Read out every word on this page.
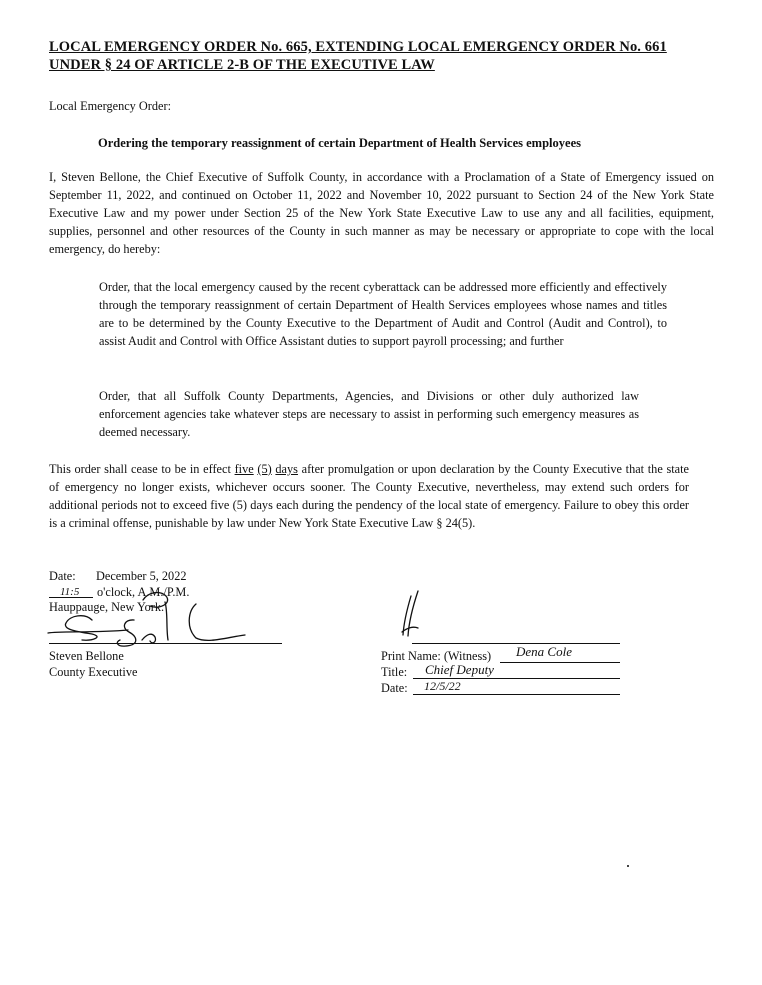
LOCAL EMERGENCY ORDER No. 665, EXTENDING LOCAL EMERGENCY ORDER No. 661
UNDER § 24 OF ARTICLE 2-B OF THE EXECUTIVE LAW
Local Emergency Order:
Ordering the temporary reassignment of certain Department of Health Services employees
I, Steven Bellone, the Chief Executive of Suffolk County, in accordance with a Proclamation of a State of Emergency issued on September 11, 2022, and continued on October 11, 2022 and November 10, 2022 pursuant to Section 24 of the New York State Executive Law and my power under Section 25 of the New York State Executive Law to use any and all facilities, equipment, supplies, personnel and other resources of the County in such manner as may be necessary or appropriate to cope with the local emergency, do hereby:
Order, that the local emergency caused by the recent cyberattack can be addressed more efficiently and effectively through the temporary reassignment of certain Department of Health Services employees whose names and titles are to be determined by the County Executive to the Department of Audit and Control (Audit and Control), to assist Audit and Control with Office Assistant duties to support payroll processing; and further
Order, that all Suffolk County Departments, Agencies, and Divisions or other duly authorized law enforcement agencies take whatever steps are necessary to assist in performing such emergency measures as deemed necessary.
This order shall cease to be in effect five (5) days after promulgation or upon declaration by the County Executive that the state of emergency no longer exists, whichever occurs sooner. The County Executive, nevertheless, may extend such orders for additional periods not to exceed five (5) days each during the pendency of the local state of emergency. Failure to obey this order is a criminal offense, punishable by law under New York State Executive Law § 24(5).
Date: December 5, 2022
11:5 o'clock, A.M./P.M.
Hauppauge, New York.
Steven Bellone
County Executive
Print Name: (Witness) Dena Cole
Title: Chief Deputy
Date: 12/5/22
